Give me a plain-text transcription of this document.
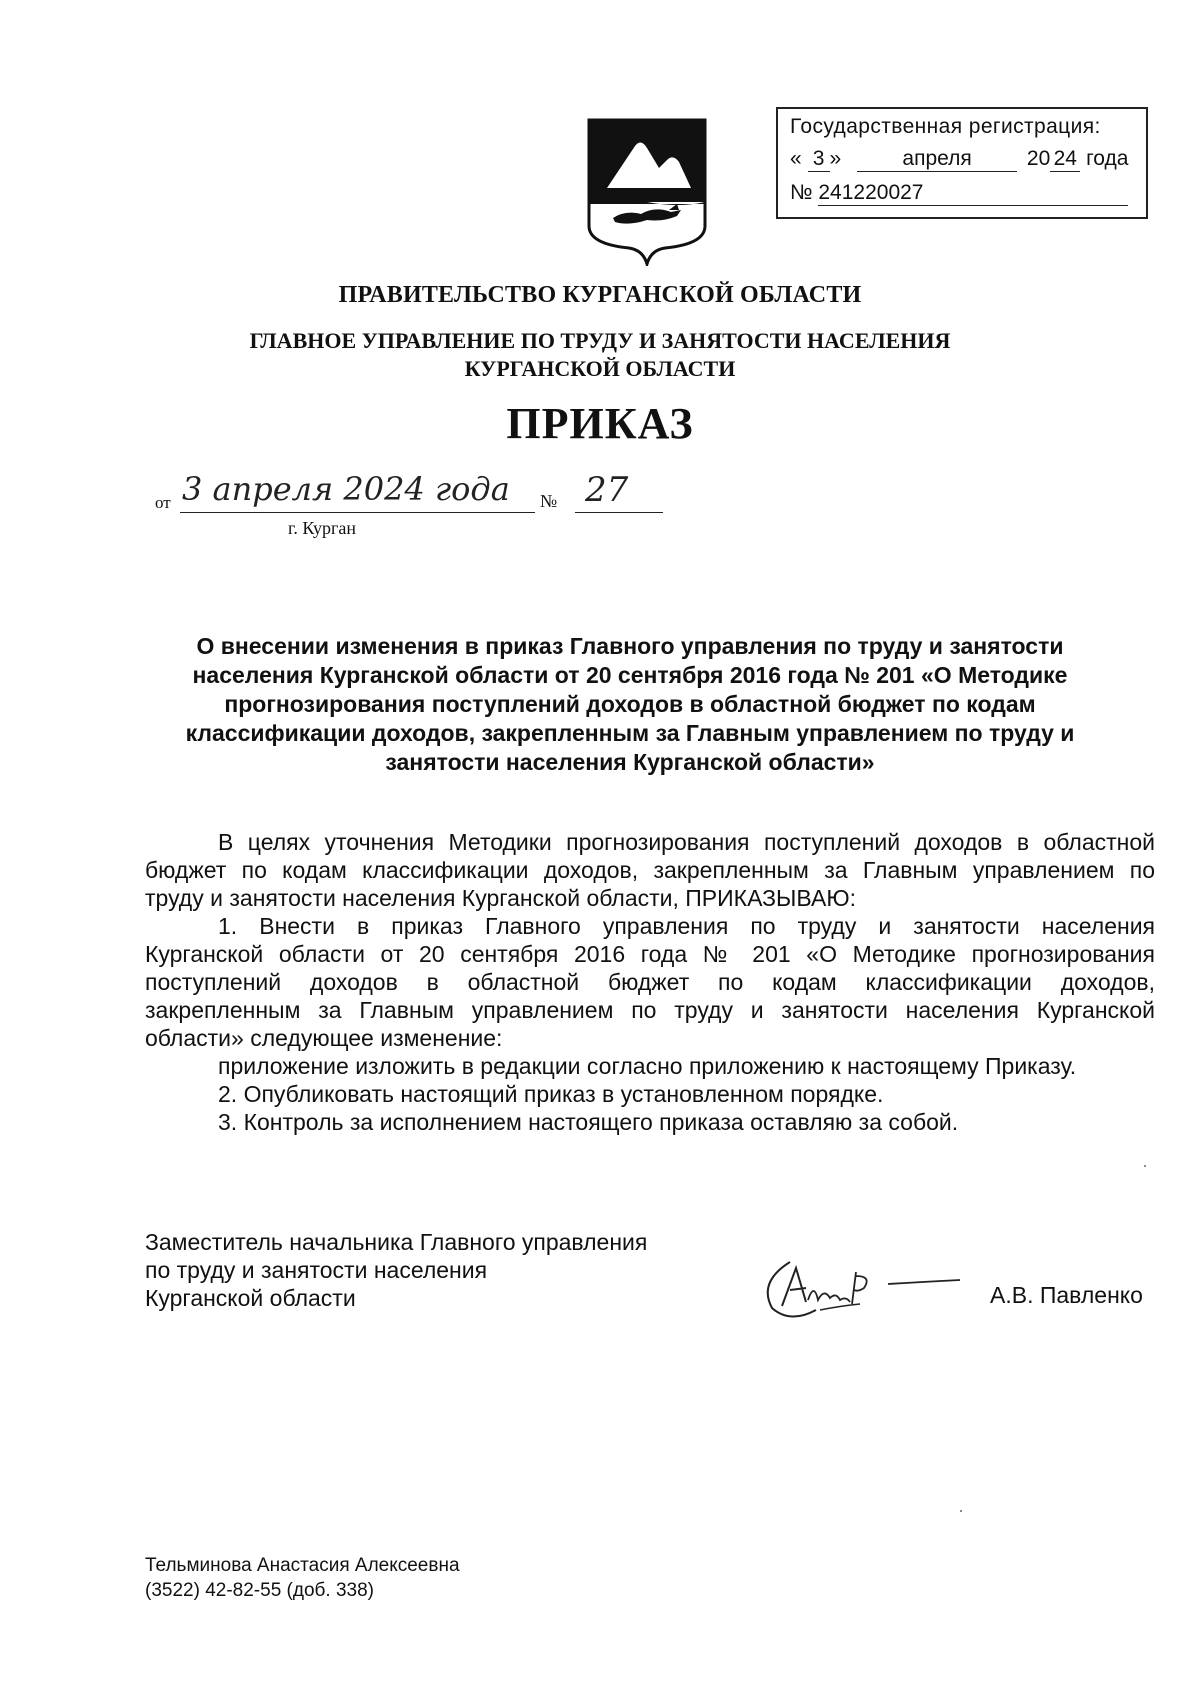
Государственная регистрация:
« 3 »	апреля	20 24 года
№ 241220027
ПРАВИТЕЛЬСТВО КУРГАНСКОЙ ОБЛАСТИ
ГЛАВНОЕ УПРАВЛЕНИЕ ПО ТРУДУ И ЗАНЯТОСТИ НАСЕЛЕНИЯ
КУРГАНСКОЙ ОБЛАСТИ
ПРИКАЗ
от 3 апреля 2024 года № 27
г. Курган
О внесении изменения в приказ Главного управления по труду и занятости
населения Курганской области от 20 сентября 2016 года № 201 «О Методике
прогнозирования поступлений доходов в областной бюджет по кодам
классификации доходов, закрепленным за Главным управлением по труду и
занятости населения Курганской области»

В целях уточнения Методики прогнозирования поступлений доходов в областной

бюджет по кодам классификации доходов, закрепленным за Главным управлением по

труду и занятости населения Курганской области, ПРИКАЗЫВАЮ:

1. Внести в приказ Главного управления по труду и занятости населения

Курганской области от 20 сентября 2016 года № 201 «О Методике прогнозирования

поступлений доходов в областной бюджет по кодам классификации доходов,

закрепленным за Главным управлением по труду и занятости населения Курганской

области» следующее изменение:

приложение изложить в редакции согласно приложению к настоящему Приказу.

2. Опубликовать настоящий приказ в установленном порядке.

3. Контроль за исполнением настоящего приказа оставляю за собой.

Заместитель начальника Главного управления
по труду и занятости населения
Курганской области	А.В. Павленко
Тельминова Анастасия Алексеевна
(3522) 42-82-55 (доб. 338)
